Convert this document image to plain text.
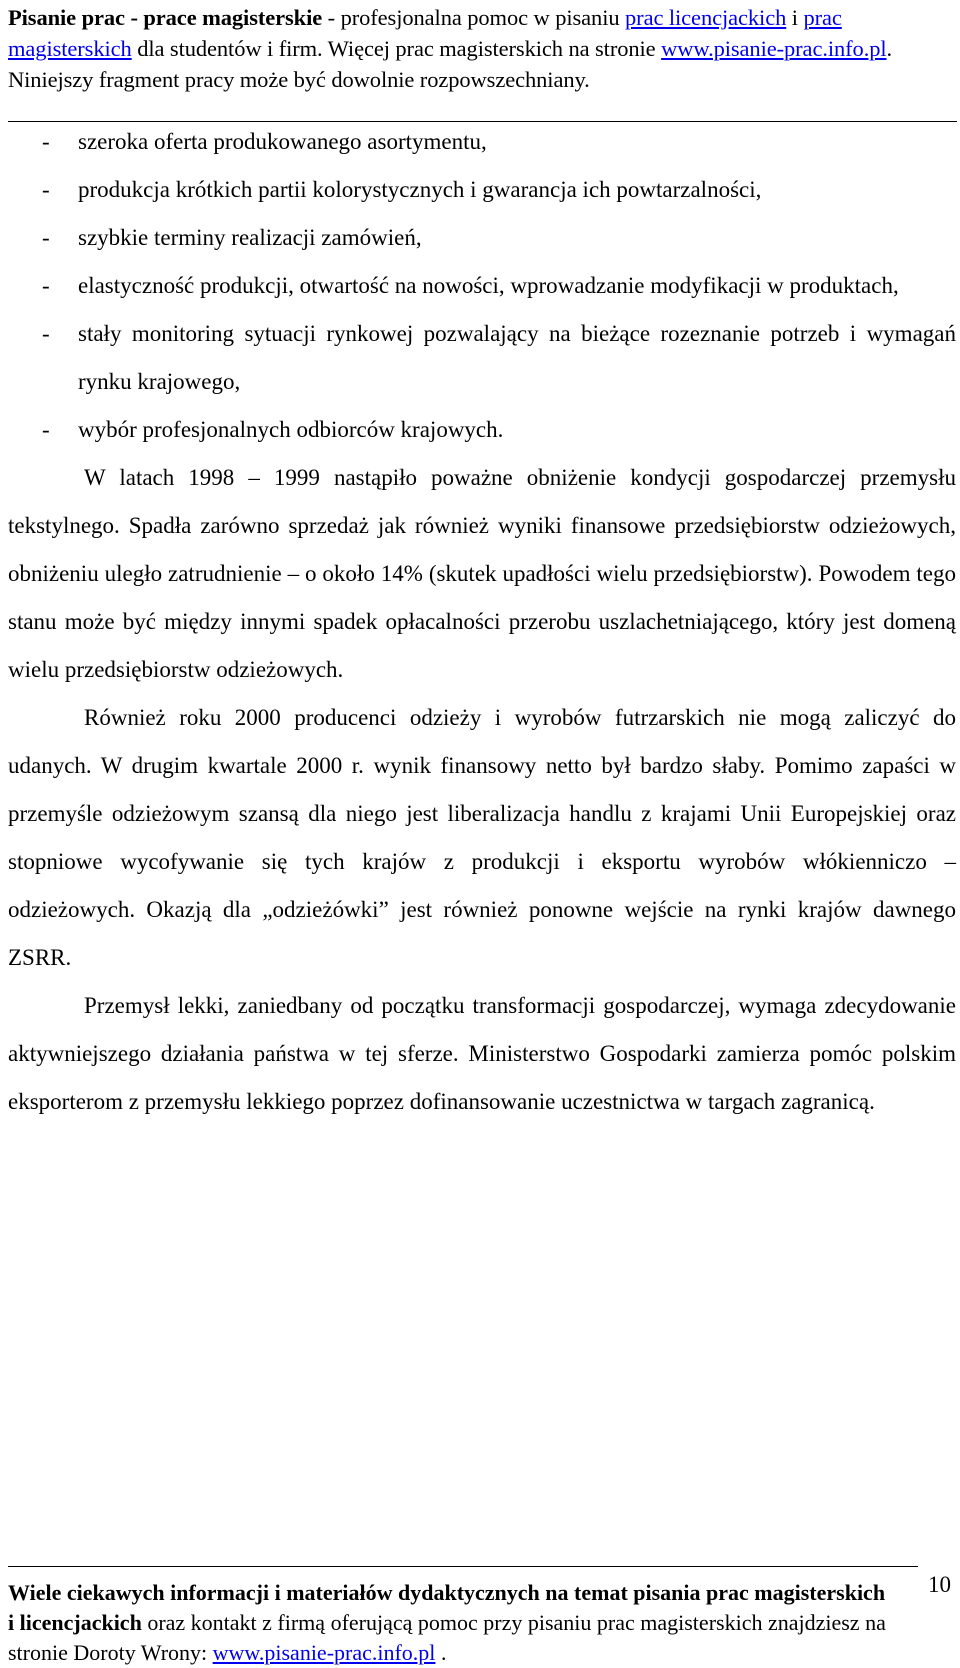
Pisanie prac - prace magisterskie - profesjonalna pomoc w pisaniu prac licencjackich i prac magisterskich dla studentów i firm. Więcej prac magisterskich na stronie www.pisanie-prac.info.pl. Niniejszy fragment pracy może być dowolnie rozpowszechniany.
-	szeroka oferta produkowanego asortymentu,
-	produkcja krótkich partii kolorystycznych i gwarancja ich powtarzalności,
-	szybkie terminy realizacji zamówień,
-	elastyczność produkcji, otwartość na nowości, wprowadzanie modyfikacji w produktach,
-	stały monitoring sytuacji rynkowej pozwalający na bieżące rozeznanie potrzeb i wymagań rynku krajowego,
-	wybór profesjonalnych odbiorców krajowych.

W latach 1998 – 1999 nastąpiło poważne obniżenie kondycji gospodarczej przemysłu tekstylnego. Spadła zarówno sprzedaż jak również wyniki finansowe przedsiębiorstw odzieżowych, obniżeniu uległo zatrudnienie – o około 14% (skutek upadłości wielu przedsiębiorstw). Powodem tego stanu może być między innymi spadek opłacalności przerobu uszlachetniającego, który jest domeną wielu przedsiębiorstw odzieżowych.

Również roku 2000 producenci odzieży i wyrobów futrzarskich nie mogą zaliczyć do udanych. W drugim kwartale 2000 r. wynik finansowy netto był bardzo słaby. Pomimo zapaści w przemyśle odzieżowym szansą dla niego jest liberalizacja handlu z krajami Unii Europejskiej oraz stopniowe wycofywanie się tych krajów z produkcji i eksportu wyrobów włókienniczo – odzieżowych. Okazją dla „odzieżówki” jest również ponowne wejście na rynki krajów dawnego ZSRR.

Przemysł lekki, zaniedbany od początku transformacji gospodarczej, wymaga zdecydowanie aktywniejszego działania państwa w tej sferze. Ministerstwo Gospodarki zamierza pomóc polskim eksporterom z przemysłu lekkiego poprzez dofinansowanie uczestnictwa w targach zagranicą.

Wiele ciekawych informacji i materiałów dydaktycznych na temat pisania prac magisterskich i licencjackich oraz kontakt z firmą oferującą pomoc przy pisaniu prac magisterskich znajdziesz na stronie Doroty Wrony: www.pisanie-prac.info.pl .
10
